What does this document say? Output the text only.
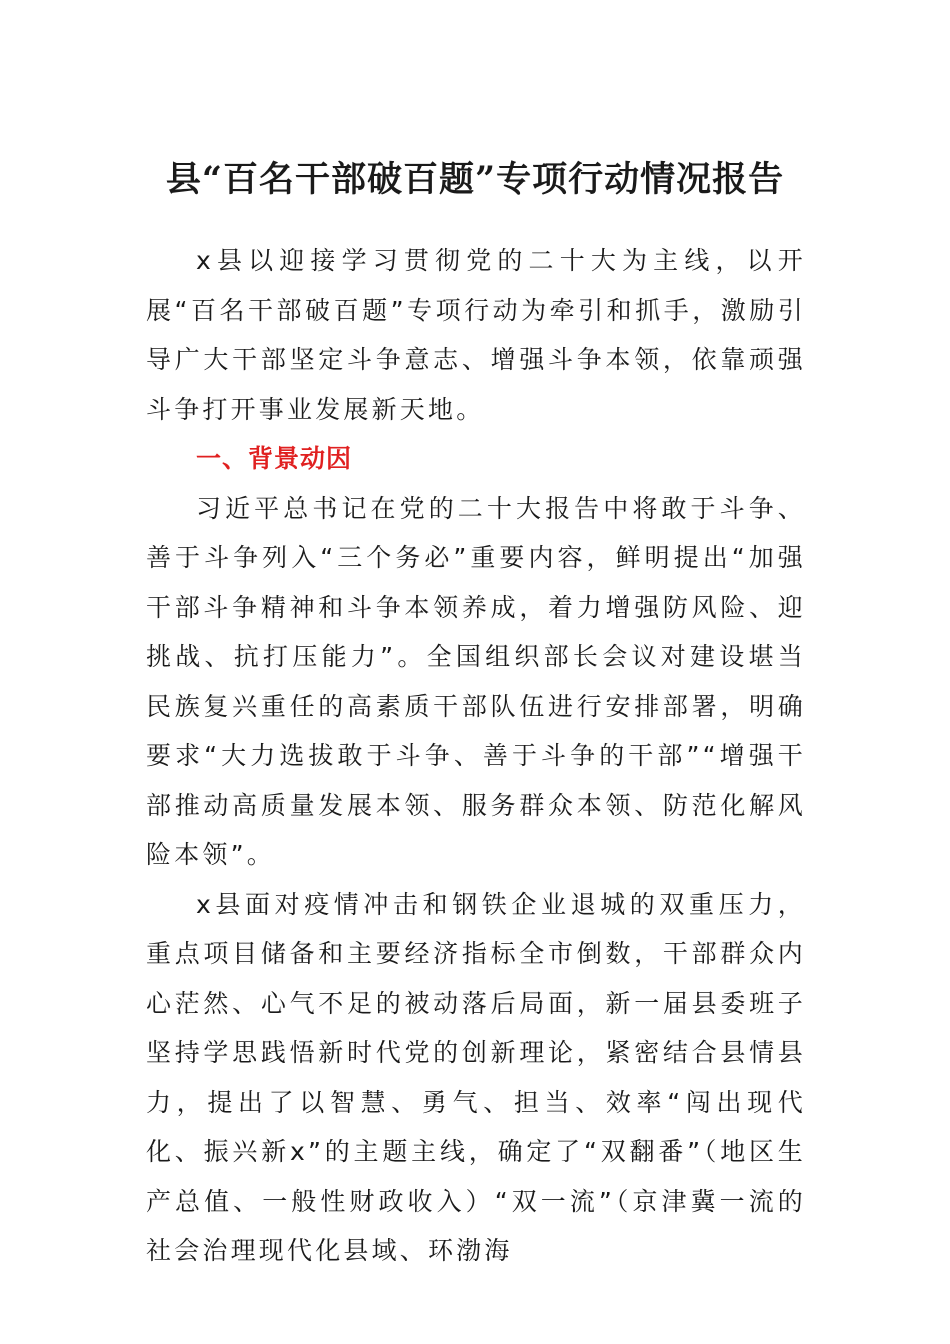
县“百名干部破百题”专项行动情况报告

x县以迎接学习贯彻党的二十大为主线，以开展“百名干部破百题”专项行动为牵引和抓手，激励引导广大干部坚定斗争意志、增强斗争本领，依靠顽强斗争打开事业发展新天地。

一、背景动因

习近平总书记在党的二十大报告中将敢于斗争、善于斗争列入“三个务必”重要内容，鲜明提出“加强干部斗争精神和斗争本领养成，着力增强防风险、迎挑战、抗打压能力”。全国组织部长会议对建设堪当民族复兴重任的高素质干部队伍进行安排部署，明确要求“大力选拔敢于斗争、善于斗争的干部”“增强干部推动高质量发展本领、服务群众本领、防范化解风险本领”。

x县面对疫情冲击和钢铁企业退城的双重压力，重点项目储备和主要经济指标全市倒数，干部群众内心茫然、心气不足的被动落后局面，新一届县委班子坚持学思践悟新时代党的创新理论，紧密结合县情县力，提出了以智慧、勇气、担当、效率“闯出现代化、振兴新x”的主题主线，确定了“双翻番”（地区生产总值、一般性财政收入）“双一流”（京津冀一流的社会治理现代化县域、环渤海
